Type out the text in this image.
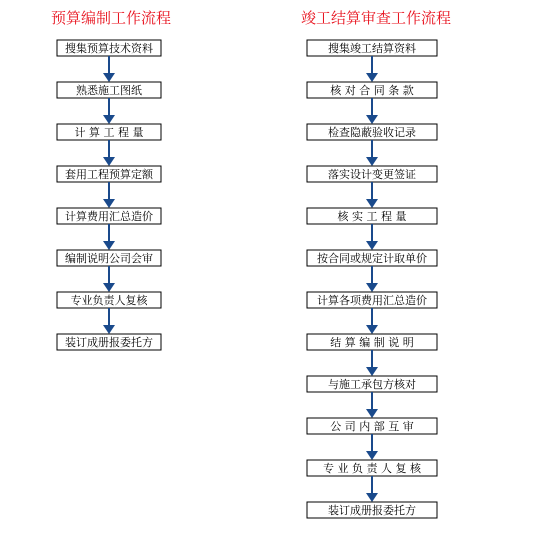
预算编制工作流程	竣工结算审查工作流程
搜集预算技术资料
熟悉施工图纸
计 算 工 程 量
套用工程预算定额
计算费用汇总造价
编制说明公司会审
专业负责人复核
装订成册报委托方
搜集竣工结算资料
核 对 合 同 条 款
检查隐蔽验收记录
落实设计变更签证
核 实 工 程 量
按合同或规定计取单价
计算各项费用汇总造价
结 算 编 制 说 明
与施工承包方核对
公 司 内 部 互 审
专 业 负 责 人 复 核
装订成册报委托方
